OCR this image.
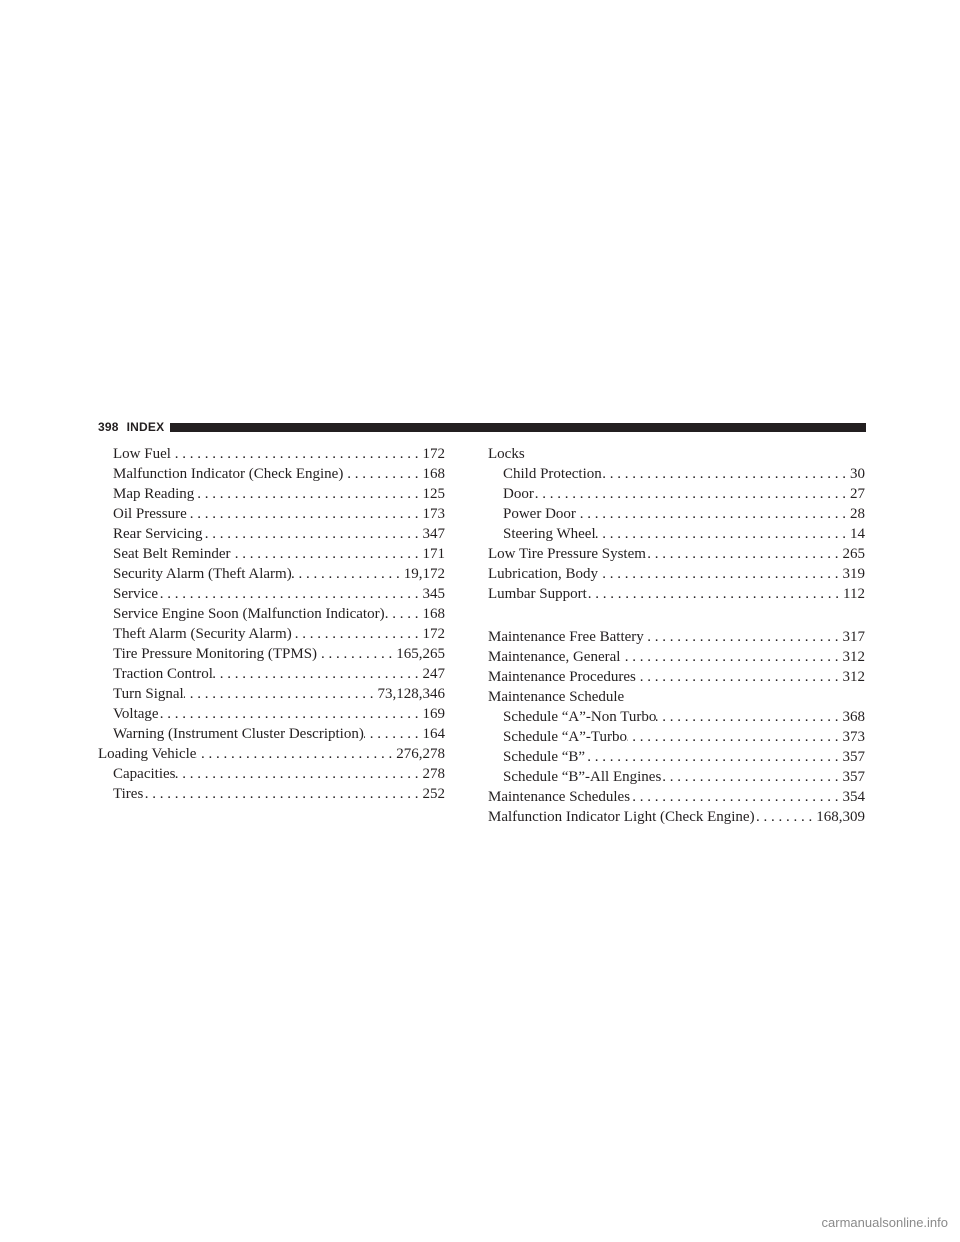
398 INDEX
Low Fuel . . .	172
Malfunction Indicator (Check Engine) . . .	168
Map Reading . . .	125
Oil Pressure . . .	173
Rear Servicing . . .	347
Seat Belt Reminder . . .	171
Security Alarm (Theft Alarm) . . .	19,172
Service . . .	345
Service Engine Soon (Malfunction Indicator) . . .	168
Theft Alarm (Security Alarm) . . .	172
Tire Pressure Monitoring (TPMS) . . .	165,265
Traction Control . . .	247
Turn Signal . . .	73,128,346
Voltage . . .	169
Warning (Instrument Cluster Description) . . .	164
Loading Vehicle . . .	276,278
Capacities . . .	278
Tires . . .	252
Locks
Child Protection . . .	30
Door . . .	27
Power Door . . .	28
Steering Wheel . . .	14
Low Tire Pressure System . . .	265
Lubrication, Body . . .	319
Lumbar Support . . .	112
Maintenance Free Battery . . .	317
Maintenance, General . . .	312
Maintenance Procedures . . .	312
Maintenance Schedule
Schedule “A”-Non Turbo . . .	368
Schedule “A”-Turbo . . .	373
Schedule “B” . . .	357
Schedule “B”-All Engines . . .	357
Maintenance Schedules . . .	354
Malfunction Indicator Light (Check Engine) . . .	168,309
carmanualsonline.info
